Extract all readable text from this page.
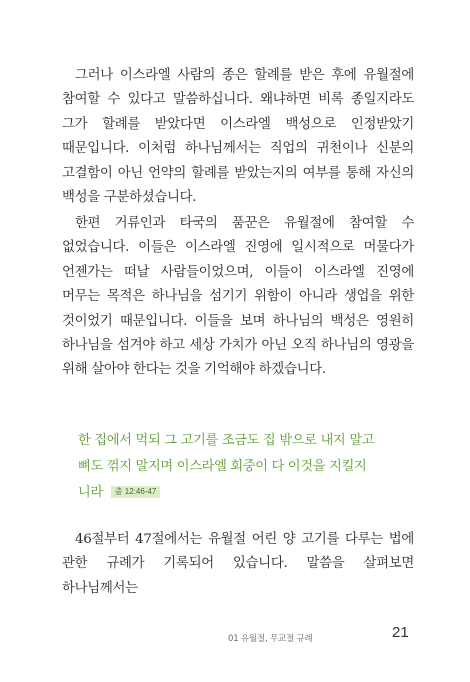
그러나 이스라엘 사람의 종은 할례를 받은 후에 유월절에 참여할 수 있다고 말씀하십니다. 왜냐하면 비록 종일지라도 그가 할례를 받았다면 이스라엘 백성으로 인정받았기 때문입니다. 이처럼 하나님께서는 직업의 귀천이나 신분의 고결함이 아닌 언약의 할례를 받았는지의 여부를 통해 자신의 백성을 구분하셨습니다.

한편 거류인과 타국의 품꾼은 유월절에 참여할 수 없었습니다. 이들은 이스라엘 진영에 일시적으로 머물다가 언젠가는 떠날 사람들이었으며, 이들이 이스라엘 진영에 머무는 목적은 하나님을 섬기기 위함이 아니라 생업을 위한 것이었기 때문입니다. 이들을 보며 하나님의 백성은 영원히 하나님을 섬겨야 하고 세상 가치가 아닌 오직 하나님의 영광을 위해 살아야 한다는 것을 기억해야 하겠습니다.

한 집에서 먹되 그 고기를 조금도 집 밖으로 내지 말고
뼈도 꺾지 말지며 이스라엘 회중이 다 이것을 지킬지
니라 출 12:46-47

46절부터 47절에서는 유월절 어린 양 고기를 다루는 법에 관한 규례가 기록되어 있습니다. 말씀을 살펴보면 하나님께서는

01 유월절, 무교절 규례	21
